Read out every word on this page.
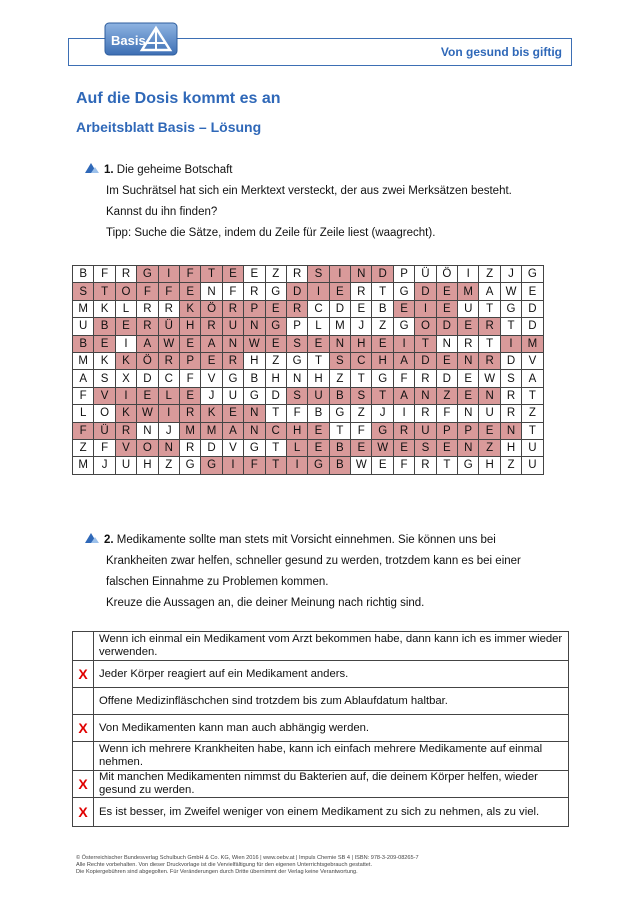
Basis
Von gesund bis giftig
Auf die Dosis kommt es an
Arbeitsblatt Basis – Lösung
1. Die geheime Botschaft
Im Suchrätsel hat sich ein Merktext versteckt, der aus zwei Merksätzen besteht.
Kannst du ihn finden?
Tipp: Suche die Sätze, indem du Zeile für Zeile liest (waagrecht).
B	F	R	G	I	F	T	E	E	Z	R	S	I	N	D	P	Ü	Ö	I	Z	J	G
S	T	O	F	F	E	N	F	R	G	D	I	E	R	T	G	D	E	M	A	W	E
M	K	L	R	R	K	Ö	R	P	E	R	C	D	E	B	E	I	E	U	T	G	D
U	B	E	R	Ü	H	R	U	N	G	P	L	M	J	Z	G	O	D	E	R	T	D
B	E	I	A	W	E	A	N	W	E	S	E	N	H	E	I	T	N	R	T	I	M
M	K	K	Ö	R	P	E	R	H	Z	G	T	S	C	H	A	D	E	N	R	D	V
A	S	X	D	C	F	V	G	B	H	N	H	Z	T	G	F	R	D	E	W	S	A
F	V	I	E	L	E	J	U	G	D	S	U	B	S	T	A	N	Z	E	N	R	T
L	O	K	W	I	R	K	E	N	T	F	B	G	Z	J	I	R	F	N	U	R	Z
F	Ü	R	N	J	M	M	A	N	C	H	E	T	F	G	R	U	P	P	E	N	T
Z	F	V	O	N	R	D	V	G	T	L	E	B	E	W	E	S	E	N	Z	H	U
M	J	U	H	Z	G	G	I	F	T	I	G	B	W	E	F	R	T	G	H	Z	U
2. Medikamente sollte man stets mit Vorsicht einnehmen. Sie können uns bei
Krankheiten zwar helfen, schneller gesund zu werden, trotzdem kann es bei einer
falschen Einnahme zu Problemen kommen.
Kreuze die Aussagen an, die deiner Meinung nach richtig sind.
	Wenn ich einmal ein Medikament vom Arzt bekommen habe, dann kann ich es immer wieder verwenden.
X	Jeder Körper reagiert auf ein Medikament anders.
	Offene Medizinfläschchen sind trotzdem bis zum Ablaufdatum haltbar.
X	Von Medikamenten kann man auch abhängig werden.
	Wenn ich mehrere Krankheiten habe, kann ich einfach mehrere Medikamente auf einmal nehmen.
X	Mit manchen Medikamenten nimmst du Bakterien auf, die deinem Körper helfen, wieder gesund zu werden.
X	Es ist besser, im Zweifel weniger von einem Medikament zu sich zu nehmen, als zu viel.
© Österreichischer Bundesverlag Schulbuch GmbH & Co. KG, Wien 2016 | www.oebv.at | Impuls Chemie SB 4 | ISBN: 978-3-209-08265-7
Alle Rechte vorbehalten. Von dieser Druckvorlage ist die Vervielfältigung für den eigenen Unterrichtsgebrauch gestattet.
Die Kopiergebühren sind abgegolten. Für Veränderungen durch Dritte übernimmt der Verlag keine Verantwortung.
